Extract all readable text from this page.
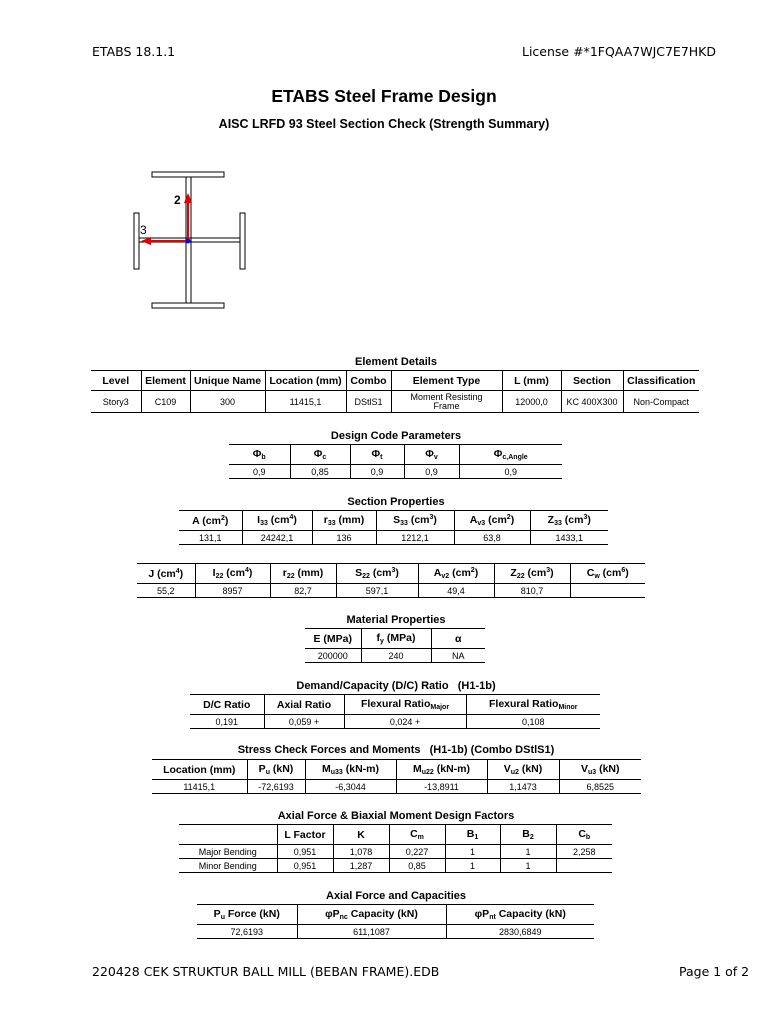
ETABS 18.1.1	License #*1FQAA7WJC7E7HKD
ETABS Steel Frame Design
AISC LRFD 93 Steel Section Check (Strength Summary)
2
3
Element Details
Level	Element	Unique Name	Location (mm)	Combo	Element Type	L (mm)	Section	Classification
Story3	C109	300	11415,1	DStlS1	Moment Resisting Frame	12000,0	KC 400X300	Non-Compact
Design Code Parameters
$\Phi_b$	$\Phi_c$	$\Phi_t$	$\Phi_v$	$\Phi_{c,Angle}$
0,9	0,85	0,9	0,9	0,9
Section Properties
A $(cm^2)$	$I_{33}$ $(cm^4)$	$r_{33}$ (mm)	$S_{33}$ $(cm^3)$	$A_{v3}$ $(cm^2)$	$Z_{33}$ $(cm^3)$
131,1	24242,1	136	1212,1	63,8	1433,1
J $(cm^4)$	$I_{22}$ $(cm^4)$	$r_{22}$ (mm)	$S_{22}$ $(cm^3)$	$A_{v2}$ $(cm^2)$	$Z_{22}$ $(cm^3)$	$C_w$ $(cm^6)$
55,2	8957	82,7	597,1	49,4	810,7	
Material Properties
E (MPa)	$f_y$ (MPa)	α
200000	240	NA
Demand/Capacity (D/C) Ratio   (H1-1b)
D/C Ratio	Axial Ratio	Flexural Ratio$_{Major}$	Flexural Ratio$_{Minor}$
0,191	0,059 +	0,024 +	0,108
Stress Check Forces and Moments   (H1-1b) (Combo DStlS1)
Location (mm)	$P_u$ (kN)	$M_{u33}$ (kN-m)	$M_{u22}$ (kN-m)	$V_{u2}$ (kN)	$V_{u3}$ (kN)
11415,1	-72,6193	-6,3044	-13,8911	1,1473	6,8525
Axial Force & Biaxial Moment Design Factors
	L Factor	K	$C_m$	$B_1$	$B_2$	$C_b$
Major Bending	0,951	1,078	0,227	1	1	2,258
Minor Bending	0,951	1,287	0,85	1	1	
Axial Force and Capacities
$P_u$ Force (kN)	$\varphi P_{nc}$ Capacity (kN)	$\varphi P_{nt}$ Capacity (kN)
72,6193	611,1087	2830,6849
220428 CEK STRUKTUR BALL MILL (BEBAN FRAME).EDB	Page 1 of 2
